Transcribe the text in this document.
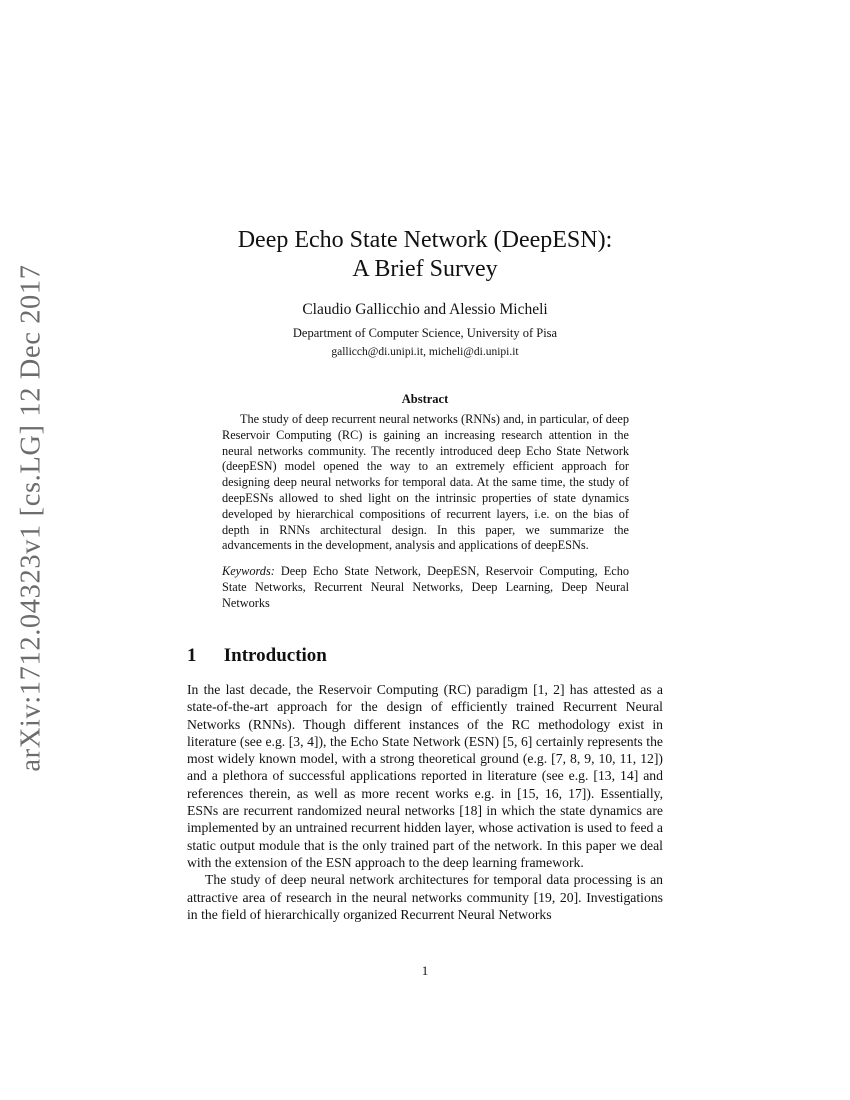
arXiv:1712.04323v1 [cs.LG] 12 Dec 2017
Deep Echo State Network (DeepESN):
A Brief Survey
Claudio Gallicchio and Alessio Micheli
Department of Computer Science, University of Pisa
gallicch@di.unipi.it, micheli@di.unipi.it
Abstract

The study of deep recurrent neural networks (RNNs) and, in particular, of deep Reservoir Computing (RC) is gaining an increasing research attention in the neural networks community. The recently introduced deep Echo State Network (deepESN) model opened the way to an extremely efficient approach for designing deep neural networks for temporal data. At the same time, the study of deepESNs allowed to shed light on the intrinsic properties of state dynamics developed by hierarchical compositions of recurrent layers, i.e. on the bias of depth in RNNs architectural design. In this paper, we summarize the advancements in the development, analysis and applications of deepESNs.

Keywords: Deep Echo State Network, DeepESN, Reservoir Computing, Echo State Networks, Recurrent Neural Networks, Deep Learning, Deep Neural Networks

1 Introduction

In the last decade, the Reservoir Computing (RC) paradigm [1, 2] has attested as a state-of-the-art approach for the design of efficiently trained Recurrent Neural Networks (RNNs). Though different instances of the RC methodology exist in literature (see e.g. [3, 4]), the Echo State Network (ESN) [5, 6] certainly represents the most widely known model, with a strong theoretical ground (e.g. [7, 8, 9, 10, 11, 12]) and a plethora of successful applications reported in literature (see e.g. [13, 14] and references therein, as well as more recent works e.g. in [15, 16, 17]). Essentially, ESNs are recurrent randomized neural networks [18] in which the state dynamics are implemented by an untrained recurrent hidden layer, whose activation is used to feed a static output module that is the only trained part of the network. In this paper we deal with the extension of the ESN approach to the deep learning framework.

The study of deep neural network architectures for temporal data processing is an attractive area of research in the neural networks community [19, 20]. Investigations in the field of hierarchically organized Recurrent Neural Networks

1
